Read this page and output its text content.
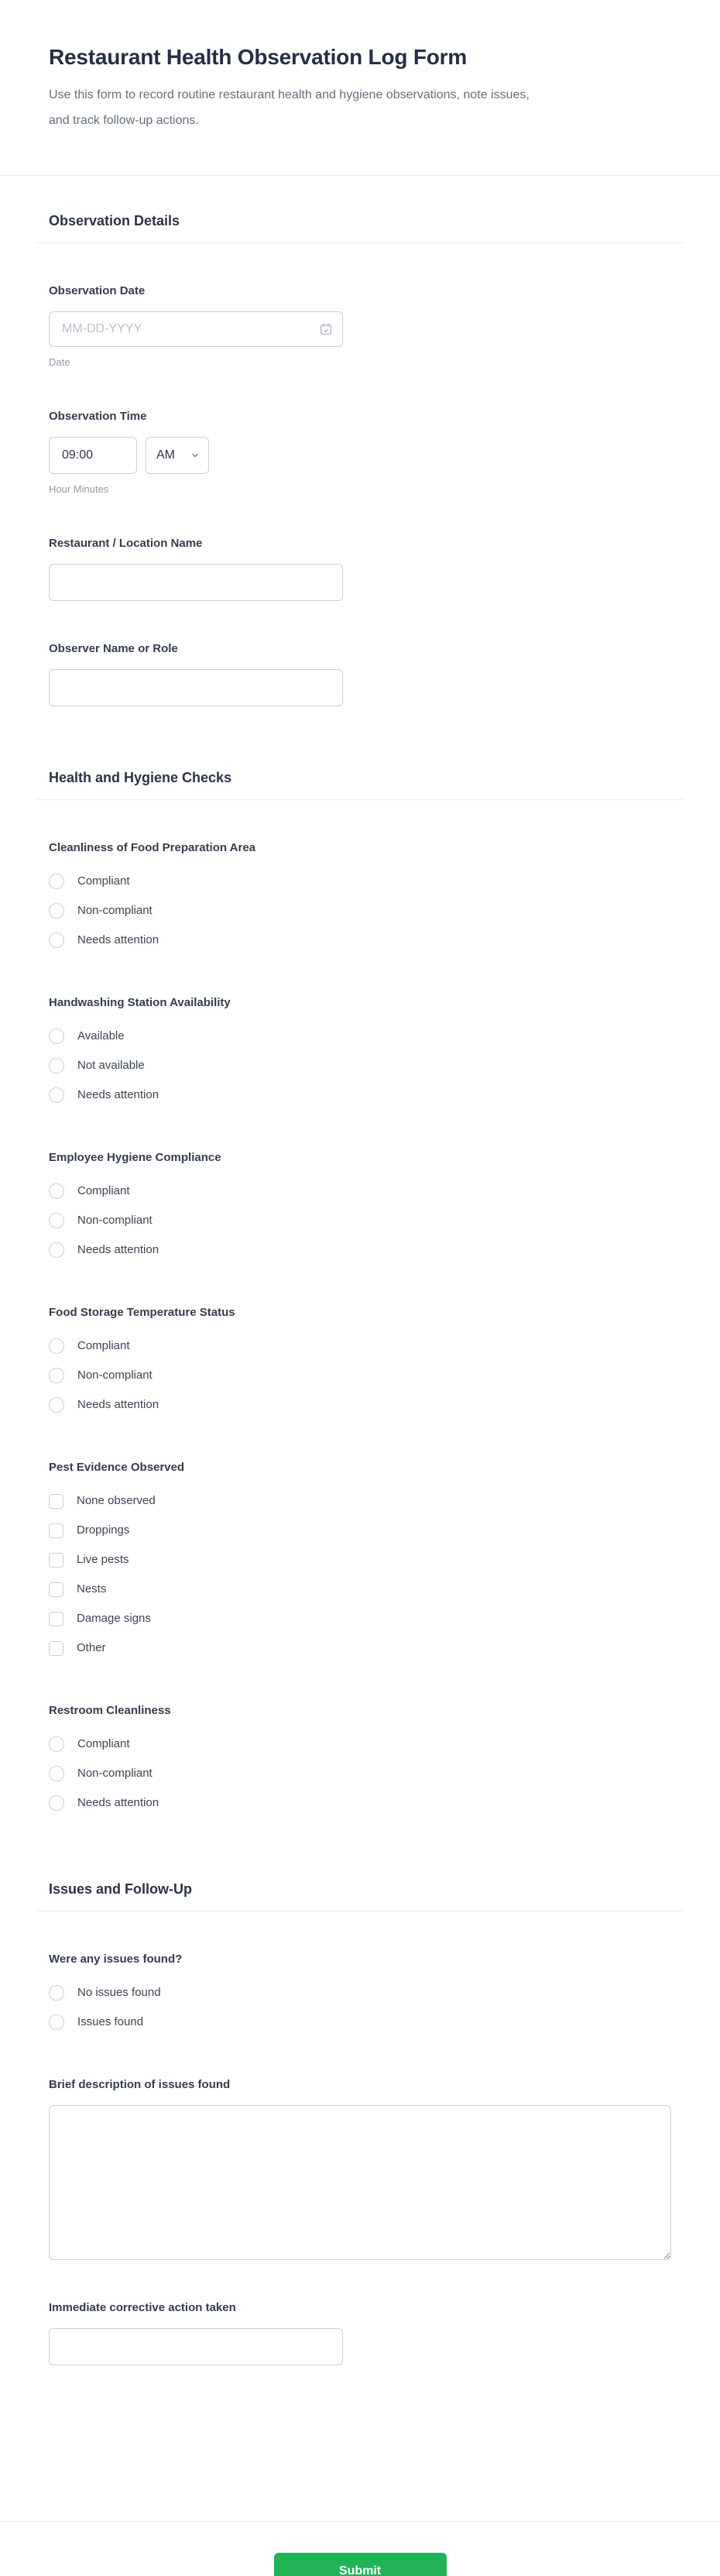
Restaurant Health Observation Log Form

Use this form to record routine restaurant health and hygiene observations, note issues, and track follow-up actions.

Observation Details
Observation Date
MM-DD-YYYY
Date
Observation Time
09:00
AM
Hour Minutes
Restaurant / Location Name
Observer Name or Role
Health and Hygiene Checks
Cleanliness of Food Preparation Area
Compliant
Non-compliant
Needs attention
Handwashing Station Availability
Available
Not available
Needs attention
Employee Hygiene Compliance
Compliant
Non-compliant
Needs attention
Food Storage Temperature Status
Compliant
Non-compliant
Needs attention
Pest Evidence Observed
None observed
Droppings
Live pests
Nests
Damage signs
Other
Restroom Cleanliness
Compliant
Non-compliant
Needs attention
Issues and Follow-Up
Were any issues found?
No issues found
Issues found
Brief description of issues found
Immediate corrective action taken
Submit
